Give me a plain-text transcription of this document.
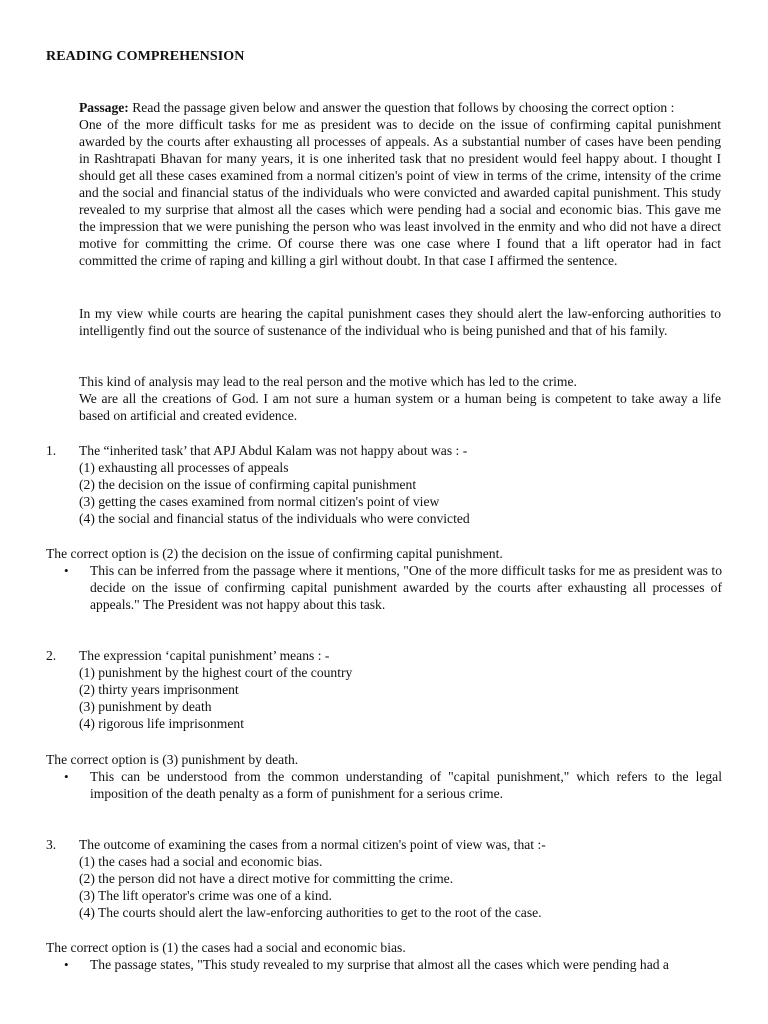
READING COMPREHENSION

Passage: Read the passage given below and answer the question that follows by choosing the correct option :

One of the more difficult tasks for me as president was to decide on the issue of confirming capital punishment awarded by the courts after exhausting all processes of appeals. As a substantial number of cases have been pending in Rashtrapati Bhavan for many years, it is one inherited task that no president would feel happy about. I thought I should get all these cases examined from a normal citizen's point of view in terms of the crime, intensity of the crime and the social and financial status of the individuals who were convicted and awarded capital punishment. This study revealed to my surprise that almost all the cases which were pending had a social and economic bias. This gave me the impression that we were punishing the person who was least involved in the enmity and who did not have a direct motive for committing the crime. Of course there was one case where I found that a lift operator had in fact committed the crime of raping and killing a girl without doubt. In that case I affirmed the sentence.

In my view while courts are hearing the capital punishment cases they should alert the law-enforcing authorities to intelligently find out the source of sustenance of the individual who is being punished and that of his family.

This kind of analysis may lead to the real person and the motive which has led to the crime.

We are all the creations of God. I am not sure a human system or a human being is competent to take away a life based on artificial and created evidence.

1. The “inherited task’ that APJ Abdul Kalam was not happy about was : -
(1) exhausting all processes of appeals
(2) the decision on the issue of confirming capital punishment
(3) getting the cases examined from normal citizen's point of view
(4) the social and financial status of the individuals who were convicted
The correct option is (2) the decision on the issue of confirming capital punishment.
• This can be inferred from the passage where it mentions, "One of the more difficult tasks for me as president was to decide on the issue of confirming capital punishment awarded by the courts after exhausting all processes of appeals." The President was not happy about this task.
2. The expression ‘capital punishment’ means : -
(1) punishment by the highest court of the country
(2) thirty years imprisonment
(3) punishment by death
(4) rigorous life imprisonment
The correct option is (3) punishment by death.
• This can be understood from the common understanding of "capital punishment," which refers to the legal imposition of the death penalty as a form of punishment for a serious crime.
3. The outcome of examining the cases from a normal citizen's point of view was, that :-
(1) the cases had a social and economic bias.
(2) the person did not have a direct motive for committing the crime.
(3) The lift operator's crime was one of a kind.
(4) The courts should alert the law-enforcing authorities to get to the root of the case.
The correct option is (1) the cases had a social and economic bias.
• The passage states, "This study revealed to my surprise that almost all the cases which were pending had a
